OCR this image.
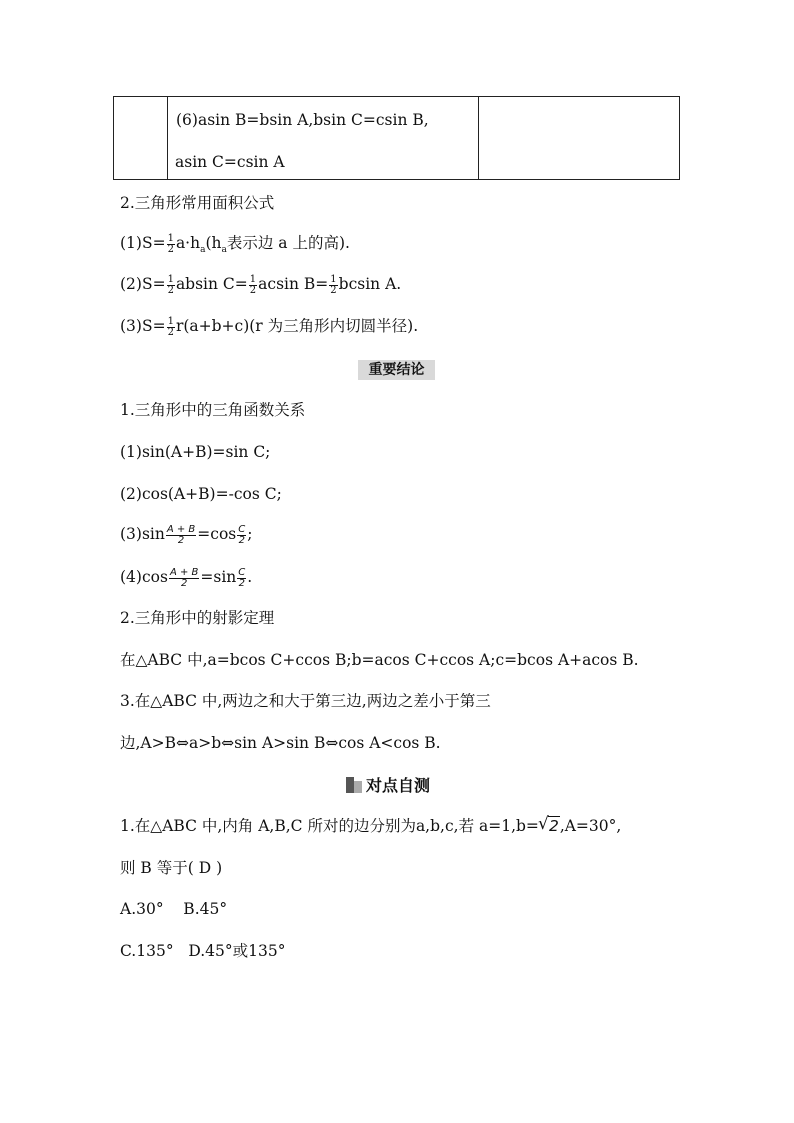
(6)asin B=bsin A,bsin C=csin B,
asin C=csin A

2.三角形常用面积公式
$(1)S= \frac{1}{2} a\cdot h_a(h_a$表示边 a 上的高).
$(2)S= \frac{1}{2}$ absin $C= \frac{1}{2}$ acsin $B= \frac{1}{2}$ bcsin A.
$(3)S= \frac{1}{2} r(a+b+c)(r$ 为三角形内切圆半径).
重要结论
1.三角形中的三角函数关系
(1)sin(A+B)=sin C;
(2)cos(A+B)=-cos C;
$(3)\sin \frac{A + B}{2} =\cos \frac{C}{2}$ ;
$(4)\cos \frac{A + B}{2} =\sin \frac{C}{2}$ .
2.三角形中的射影定理
在△ABC 中,a=bcos C+ccos B;b=acos C+ccos A;c=bcos A+acos B.
3.在△ABC 中,两边之和大于第三边,两边之差小于第三
边,A>B⇔a>b⇔sin A>sin B⇔cos A<cos B.
对点自测
1.在△ABC 中,内角 A,B,C 所对的边分别为a,b,c,若 a=1,b=√ 2,A=30°,
则 B 等于( D )
A.30°    B.45°
C.135°   D.45°或135°
